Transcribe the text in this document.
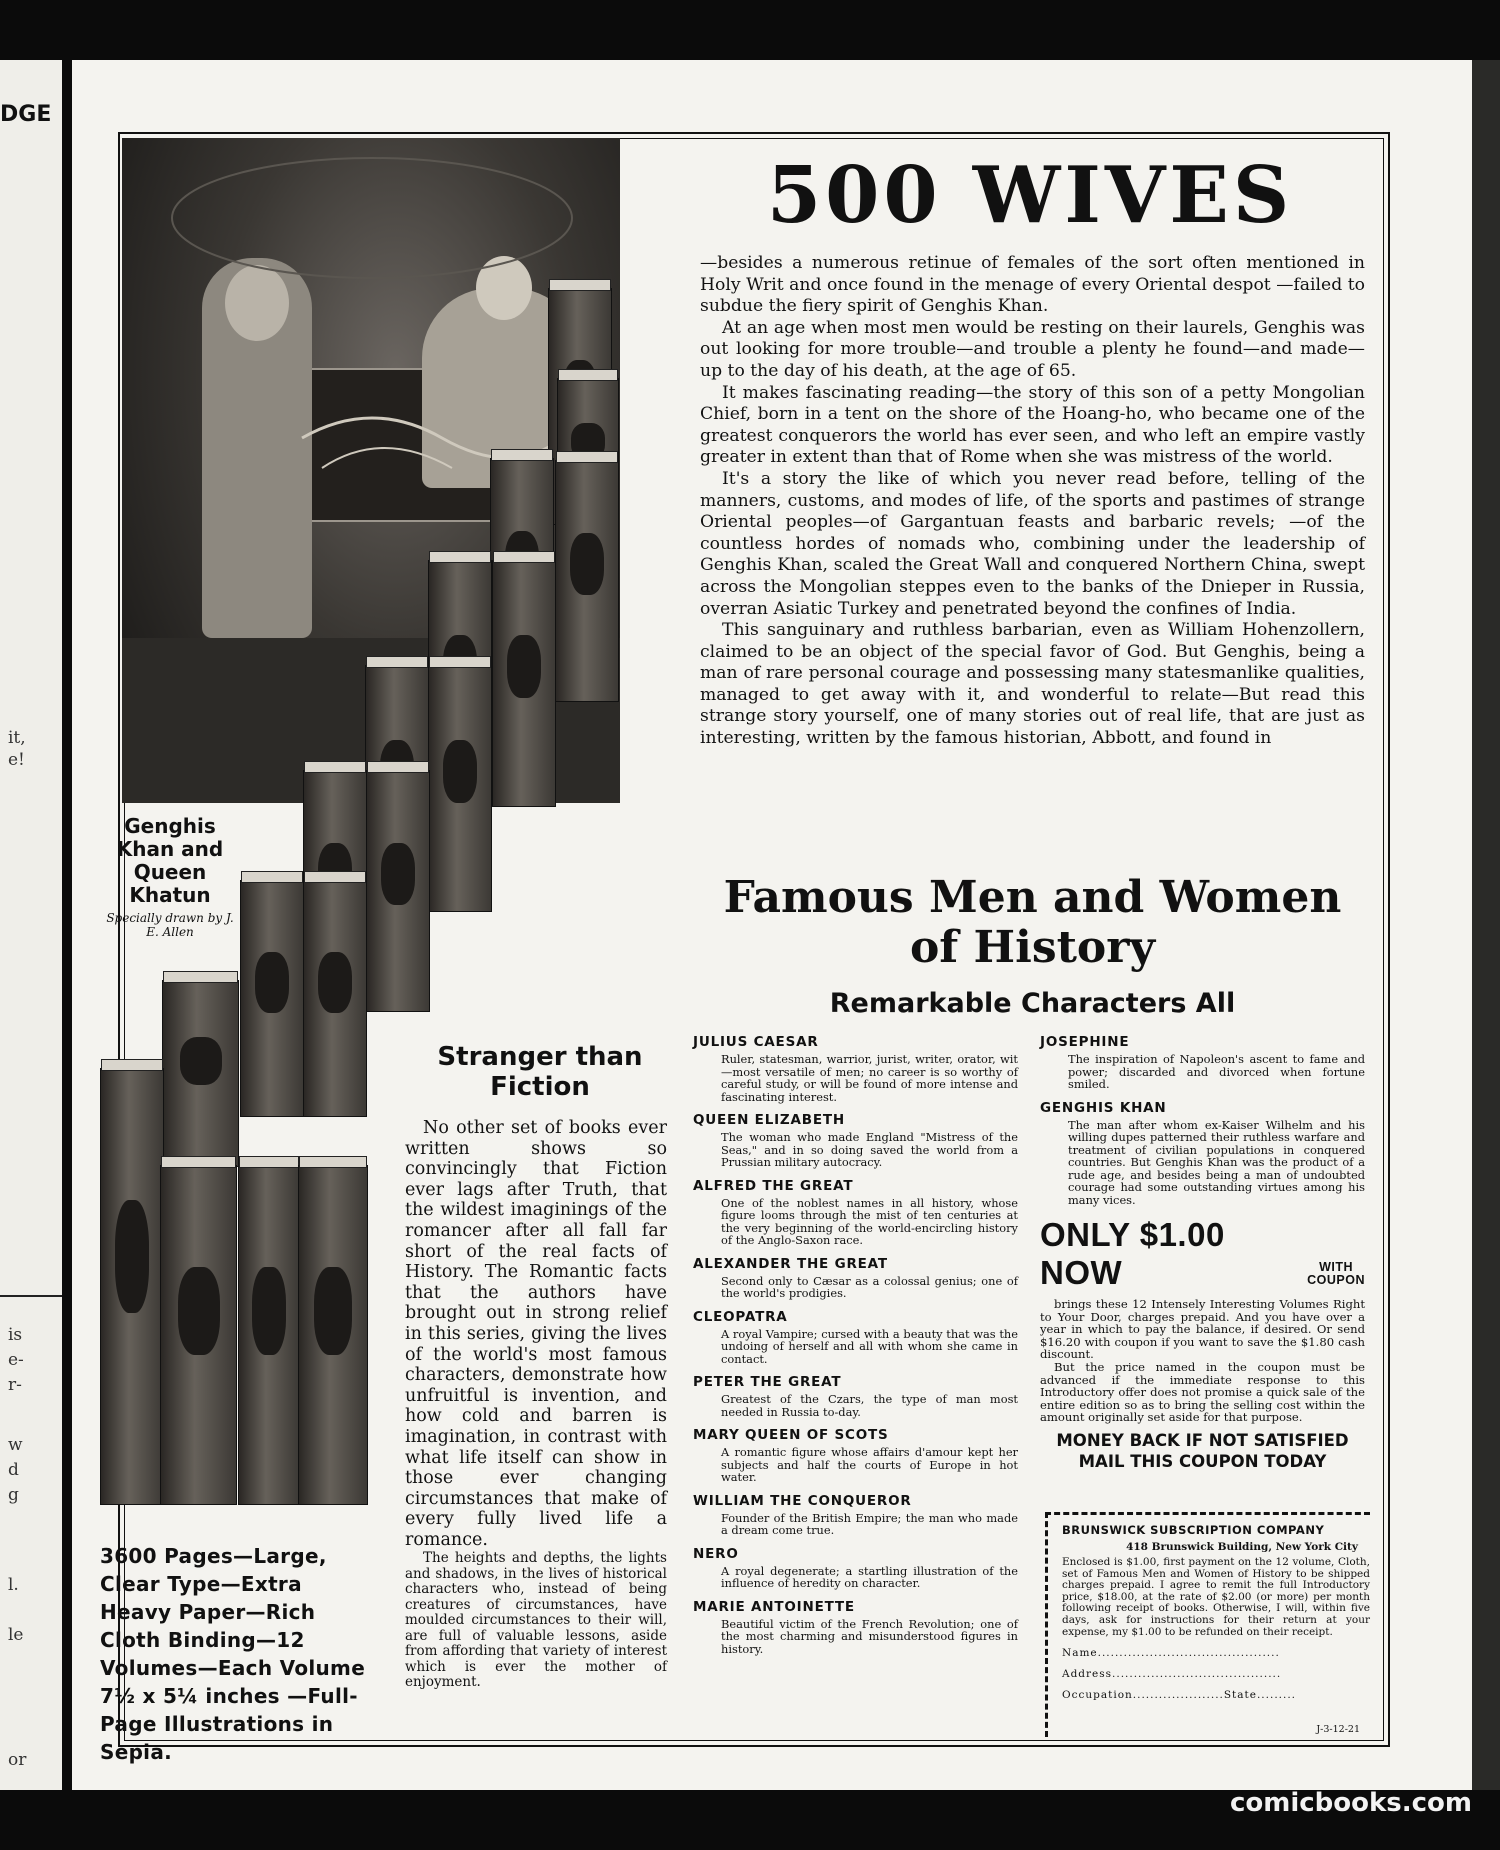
DGE
it,
e!
is
e-
r-
w
d
g
l.
le
or
Genghis Khan and Queen Khatun
Specially drawn by J. E. Allen
500 WIVES

—besides a numerous retinue of females of the sort often mentioned in Holy Writ and once found in the menage of every Oriental despot —failed to subdue the fiery spirit of Genghis Khan.

At an age when most men would be resting on their laurels, Genghis was out looking for more trouble—and trouble a plenty he found—and made—up to the day of his death, at the age of 65.

It makes fascinating reading—the story of this son of a petty Mongolian Chief, born in a tent on the shore of the Hoang-ho, who became one of the greatest conquerors the world has ever seen, and who left an empire vastly greater in extent than that of Rome when she was mistress of the world.

It's a story the like of which you never read before, telling of the manners, customs, and modes of life, of the sports and pastimes of strange Oriental peoples—of Gargantuan feasts and barbaric revels; —of the countless hordes of nomads who, combining under the leadership of Genghis Khan, scaled the Great Wall and conquered Northern China, swept across the Mongolian steppes even to the banks of the Dnieper in Russia, overran Asiatic Turkey and penetrated beyond the confines of India.

This sanguinary and ruthless barbarian, even as William Hohenzollern, claimed to be an object of the special favor of God. But Genghis, being a man of rare personal courage and possessing many statesmanlike qualities, managed to get away with it, and wonderful to relate—But read this strange story yourself, one of many stories out of real life, that are just as interesting, written by the famous historian, Abbott, and found in

Famous Men and Women of History
Remarkable Characters All
Stranger than Fiction

No other set of books ever written shows so convincingly that Fiction ever lags after Truth, that the wildest imaginings of the romancer after all fall far short of the real facts of History. The Romantic facts that the authors have brought out in strong relief in this series, giving the lives of the world's most famous characters, demonstrate how unfruitful is invention, and how cold and barren is imagination, in contrast with what life itself can show in those ever changing circumstances that make of every fully lived life a romance.

The heights and depths, the lights and shadows, in the lives of historical characters who, instead of being creatures of circumstances, have moulded circumstances to their will, are full of valuable lessons, aside from affording that variety of interest which is ever the mother of enjoyment.

3600 Pages—Large, Clear Type—Extra Heavy Paper—Rich Cloth Binding—12 Volumes—Each Volume 7½ x 5¼ inches —Full-Page Illustrations in Sepia.
JULIUS CAESAR
Ruler, statesman, warrior, jurist, writer, orator, wit—most versatile of men; no career is so worthy of careful study, or will be found of more intense and fascinating interest.
QUEEN ELIZABETH
The woman who made England "Mistress of the Seas," and in so doing saved the world from a Prussian military autocracy.
ALFRED THE GREAT
One of the noblest names in all history, whose figure looms through the mist of ten centuries at the very beginning of the world-encircling history of the Anglo-Saxon race.
ALEXANDER THE GREAT
Second only to Cæsar as a colossal genius; one of the world's prodigies.
CLEOPATRA
A royal Vampire; cursed with a beauty that was the undoing of herself and all with whom she came in contact.
PETER THE GREAT
Greatest of the Czars, the type of man most needed in Russia to-day.
MARY QUEEN OF SCOTS
A romantic figure whose affairs d'amour kept her subjects and half the courts of Europe in hot water.
WILLIAM THE CONQUEROR
Founder of the British Empire; the man who made a dream come true.
NERO
A royal degenerate; a startling illustration of the influence of heredity on character.
MARIE ANTOINETTE
Beautiful victim of the French Revolution; one of the most charming and misunderstood figures in history.
JOSEPHINE
The inspiration of Napoleon's ascent to fame and power; discarded and divorced when fortune smiled.
GENGHIS KHAN
The man after whom ex-Kaiser Wilhelm and his willing dupes patterned their ruthless warfare and treatment of civilian populations in conquered countries. But Genghis Khan was the product of a rude age, and besides being a man of undoubted courage had some outstanding virtues among his many vices.
ONLY $1.00 NOW	WITH
COUPON

brings these 12 Intensely Interesting Volumes Right to Your Door, charges prepaid. And you have over a year in which to pay the balance, if desired. Or send $16.20 with coupon if you want to save the $1.80 cash discount.

But the price named in the coupon must be advanced if the immediate response to this Introductory offer does not promise a quick sale of the entire edition so as to bring the selling cost within the amount originally set aside for that purpose.

MONEY BACK IF NOT SATISFIED
MAIL THIS COUPON TODAY
BRUNSWICK SUBSCRIPTION COMPANY
418 Brunswick Building, New York City
Enclosed is $1.00, first payment on the 12 volume, Cloth, set of Famous Men and Women of History to be shipped charges prepaid. I agree to remit the full Introductory price, $18.00, at the rate of $2.00 (or more) per month following receipt of books. Otherwise, I will, within five days, ask for instructions for their return at your expense, my $1.00 to be refunded on their receipt.
Name..........................................
Address.......................................
Occupation.....................State.........
J-3-12-21
comicbooks.com
